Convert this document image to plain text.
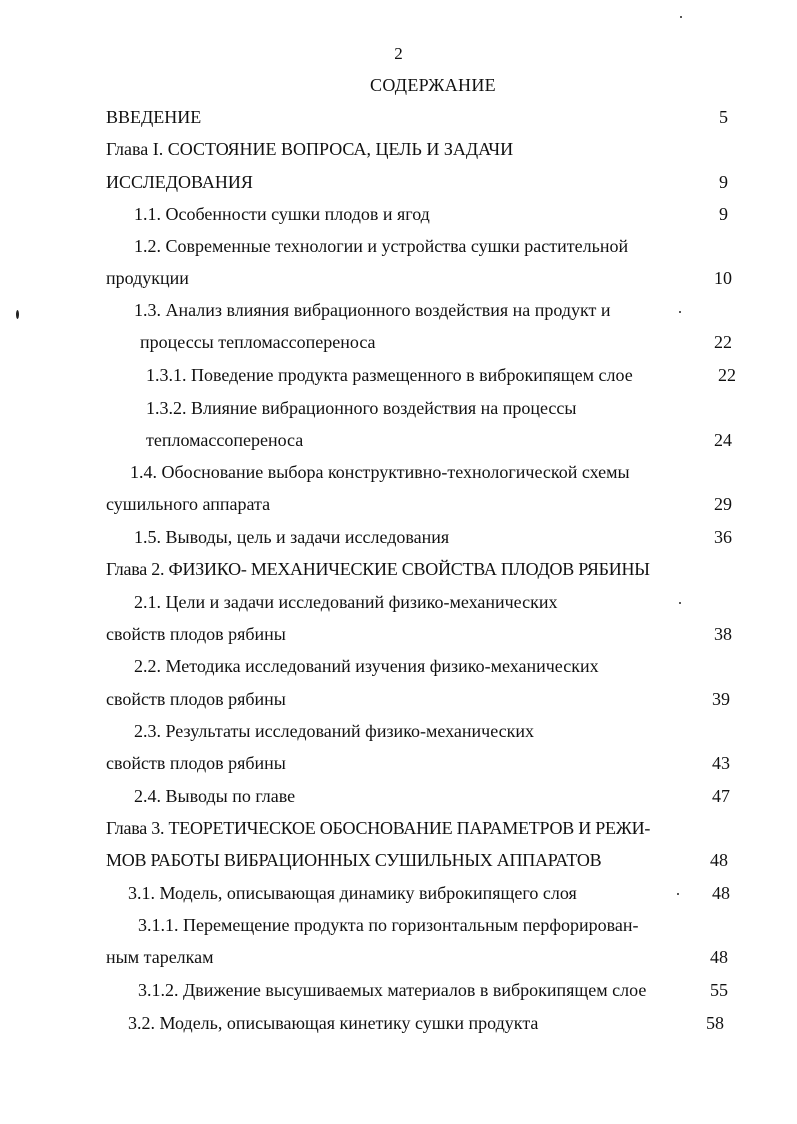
2
СОДЕРЖАНИЕ
ВВЕДЕНИЕ	5
Глава I. СОСТОЯНИЕ ВОПРОСА, ЦЕЛЬ И ЗАДАЧИ
ИССЛЕДОВАНИЯ	9
1.1. Особенности сушки плодов и ягод	9
1.2. Современные технологии и устройства сушки растительной
продукции	10
1.3. Анализ влияния вибрационного воздействия на продукт и
процессы тепломассопереноса	22
1.3.1. Поведение продукта размещенного в виброкипящем слое	22
1.3.2. Влияние вибрационного воздействия на процессы
тепломассопереноса	24
1.4. Обоснование выбора конструктивно-технологической схемы
сушильного аппарата	29
1.5. Выводы, цель и задачи исследования	36
Глава 2. ФИЗИКО- МЕХАНИЧЕСКИЕ СВОЙСТВА ПЛОДОВ РЯБИНЫ
2.1. Цели и задачи исследований физико-механических
свойств плодов рябины	38
2.2. Методика исследований изучения физико-механических
свойств плодов рябины	39
2.3. Результаты исследований физико-механических
свойств плодов рябины	43
2.4. Выводы по главе	47
Глава 3. ТЕОРЕТИЧЕСКОЕ ОБОСНОВАНИЕ ПАРАМЕТРОВ И РЕЖИ-
МОВ РАБОТЫ ВИБРАЦИОННЫХ СУШИЛЬНЫХ АППАРАТОВ	48
3.1. Модель, описывающая динамику виброкипящего слоя	48
3.1.1. Перемещение продукта по горизонтальным перфорирован-
ным тарелкам	48
3.1.2. Движение высушиваемых материалов в виброкипящем слое	55
3.2. Модель, описывающая кинетику сушки продукта	58
